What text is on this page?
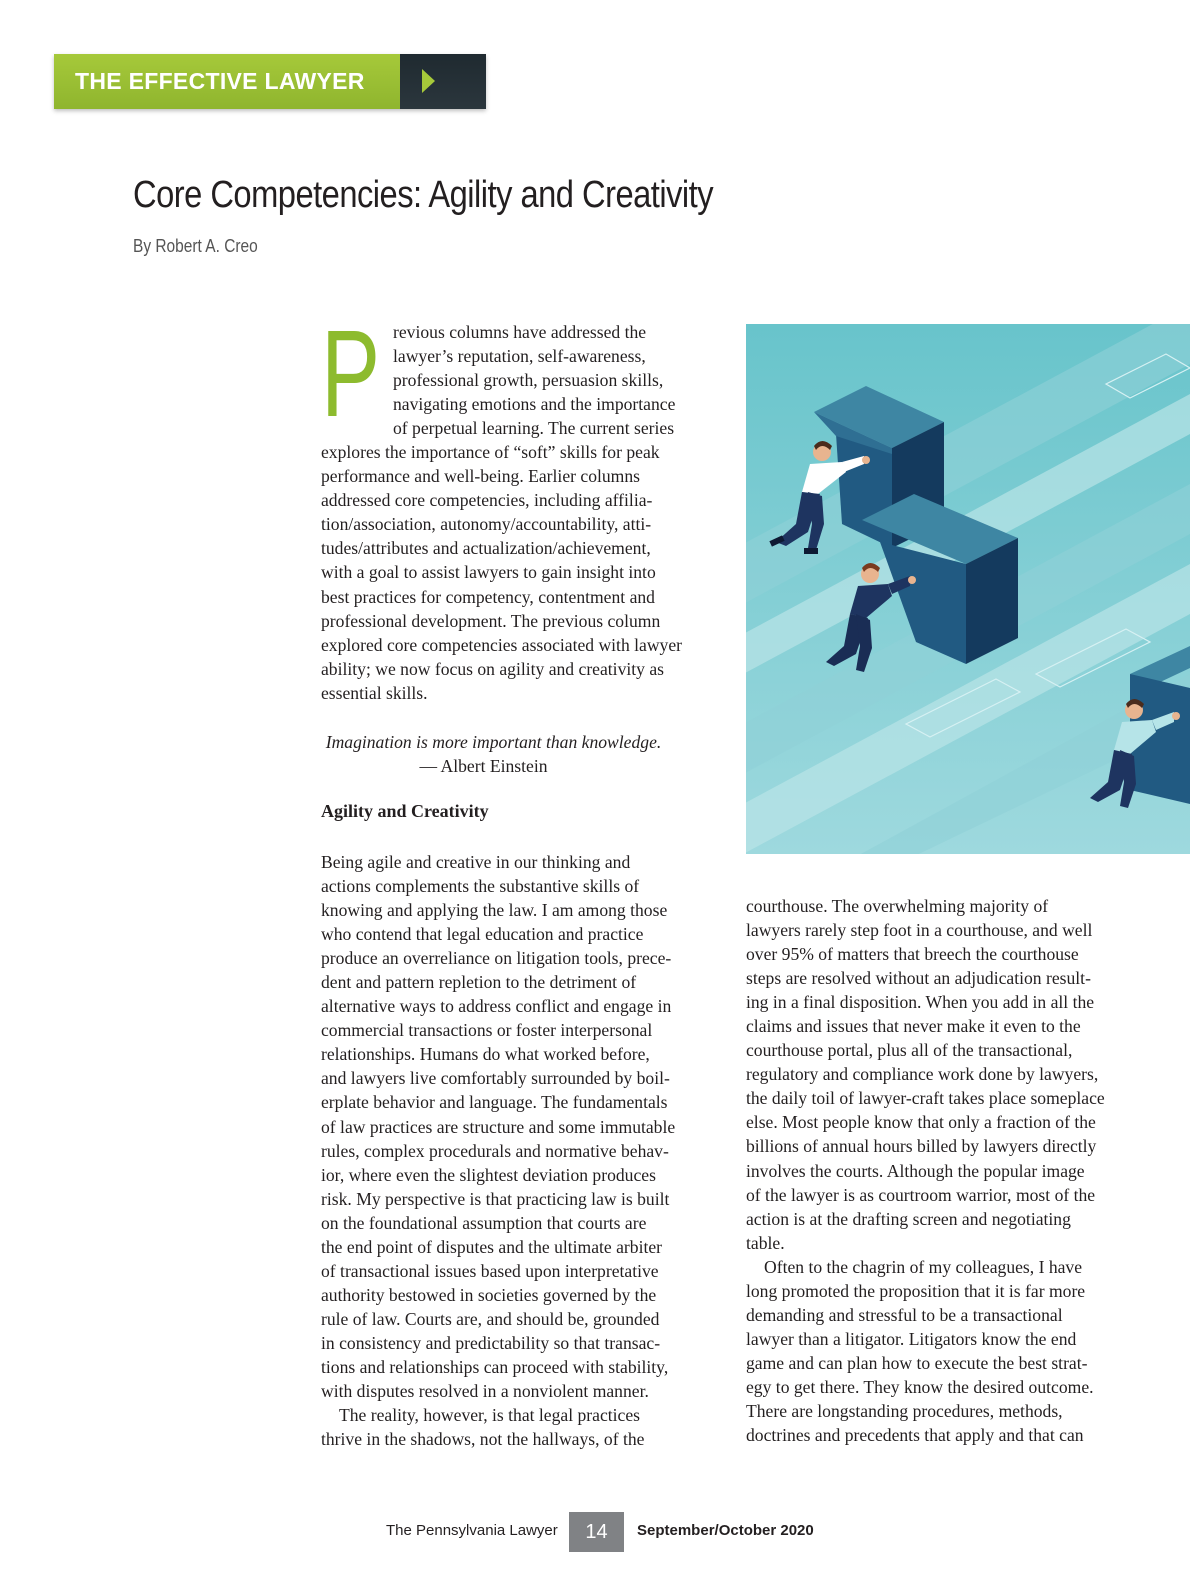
THE EFFECTIVE LAWYER
Core Competencies: Agility and Creativity
By Robert A. Creo
P revious columns have addressed the
lawyer’s reputation, self-awareness,
professional growth, persuasion skills,
navigating emotions and the importance
of perpetual learning. The current series
explores the importance of “soft” skills for peak
performance and well-being. Earlier columns
addressed core competencies, including affilia-
tion/association, autonomy/accountability, atti-
tudes/attributes and actualization/achievement,
with a goal to assist lawyers to gain insight into
best practices for competency, contentment and
professional development. The previous column
explored core competencies associated with lawyer
ability; we now focus on agility and creativity as
essential skills.
Imagination is more important than knowledge.
— Albert Einstein
Agility and Creativity
Being agile and creative in our thinking and
actions complements the substantive skills of
knowing and applying the law. I am among those
who contend that legal education and practice
produce an overreliance on litigation tools, prece-
dent and pattern repletion to the detriment of
alternative ways to address conflict and engage in
commercial transactions or foster interpersonal
relationships. Humans do what worked before,
and lawyers live comfortably surrounded by boil-
erplate behavior and language. The fundamentals
of law practices are structure and some immutable
rules, complex procedurals and normative behav-
ior, where even the slightest deviation produces
risk. My perspective is that practicing law is built
on the foundational assumption that courts are
the end point of disputes and the ultimate arbiter
of transactional issues based upon interpretative
authority bestowed in societies governed by the
rule of law. Courts are, and should be, grounded
in consistency and predictability so that transac-
tions and relationships can proceed with stability,
with disputes resolved in a nonviolent manner.
The reality, however, is that legal practices
thrive in the shadows, not the hallways, of the
courthouse. The overwhelming majority of
lawyers rarely step foot in a courthouse, and well
over 95% of matters that breech the courthouse
steps are resolved without an adjudication result-
ing in a final disposition. When you add in all the
claims and issues that never make it even to the
courthouse portal, plus all of the transactional,
regulatory and compliance work done by lawyers,
the daily toil of lawyer-craft takes place someplace
else. Most people know that only a fraction of the
billions of annual hours billed by lawyers directly
involves the courts. Although the popular image
of the lawyer is as courtroom warrior, most of the
action is at the drafting screen and negotiating
table.
Often to the chagrin of my colleagues, I have
long promoted the proposition that it is far more
demanding and stressful to be a transactional
lawyer than a litigator. Litigators know the end
game and can plan how to execute the best strat-
egy to get there. They know the desired outcome.
There are longstanding procedures, methods,
doctrines and precedents that apply and that can
The Pennsylvania Lawyer	14	September/October 2020
